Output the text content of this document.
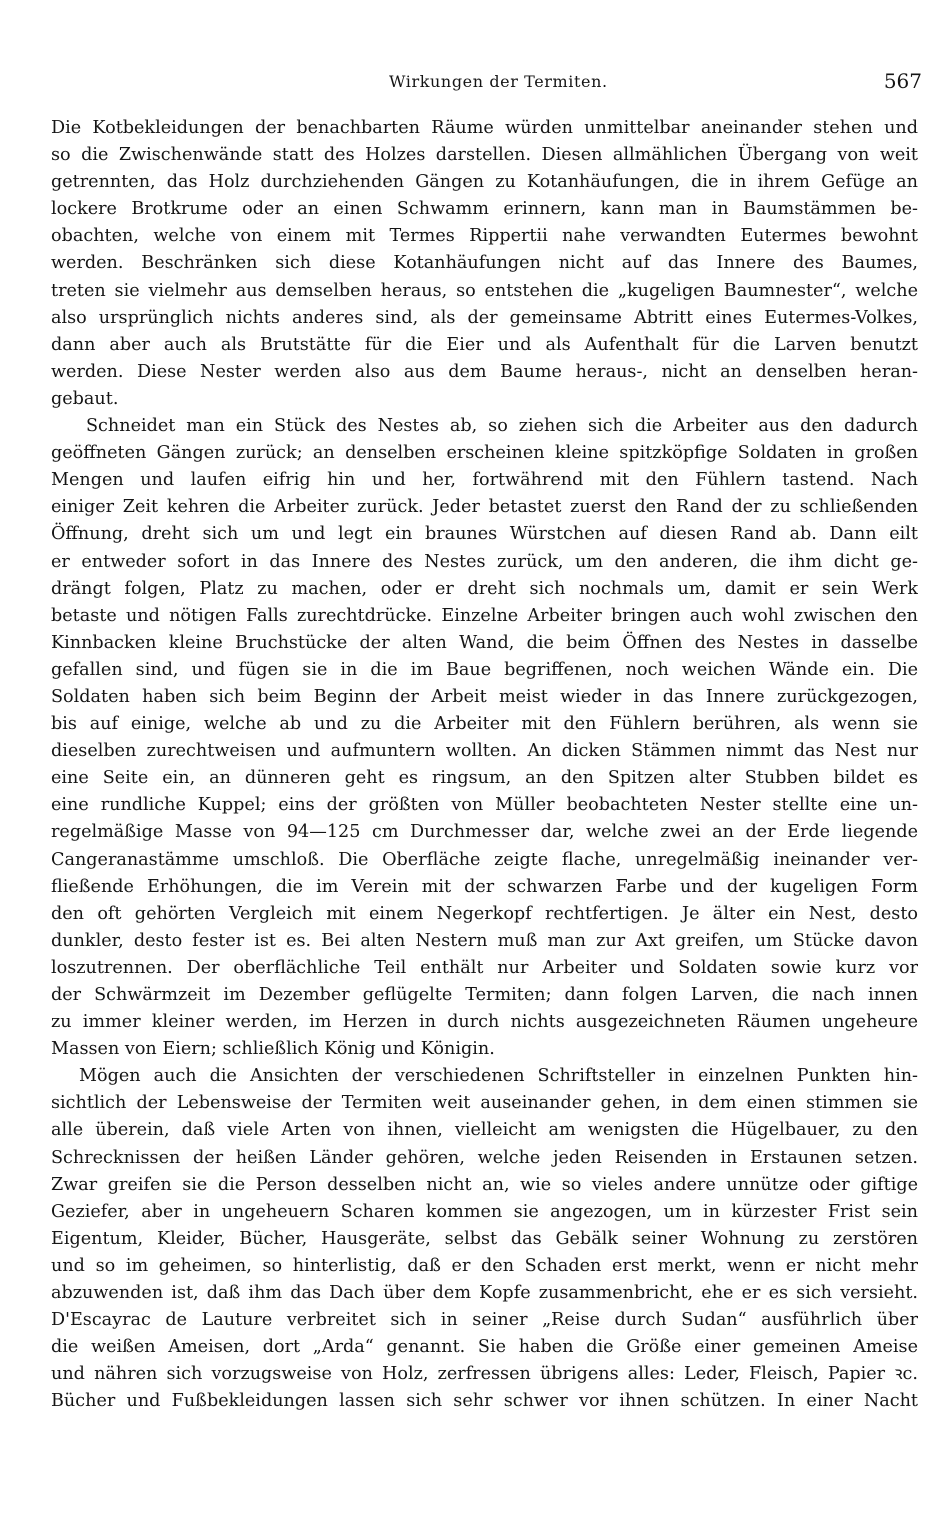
Wirkungen der Termiten.	567
Die Kotbekleidungen der benachbarten Räume würden unmittelbar aneinander stehen und
so die Zwischenwände statt des Holzes darstellen. Diesen allmählichen Übergang von weit
getrennten, das Holz durchziehenden Gängen zu Kotanhäufungen, die in ihrem Gefüge an
lockere Brotkrume oder an einen Schwamm erinnern, kann man in Baumstämmen be-
obachten, welche von einem mit Termes Rippertii nahe verwandten Eutermes bewohnt
werden. Beschränken sich diese Kotanhäufungen nicht auf das Innere des Baumes,
treten sie vielmehr aus demselben heraus, so entstehen die „kugeligen Baumnester“, welche
also ursprünglich nichts anderes sind, als der gemeinsame Abtritt eines Eutermes-Volkes,
dann aber auch als Brutstätte für die Eier und als Aufenthalt für die Larven benutzt
werden. Diese Nester werden also aus dem Baume heraus-, nicht an denselben heran-
gebaut.
Schneidet man ein Stück des Nestes ab, so ziehen sich die Arbeiter aus den dadurch
geöffneten Gängen zurück; an denselben erscheinen kleine spitzköpfige Soldaten in großen
Mengen und laufen eifrig hin und her, fortwährend mit den Fühlern tastend. Nach
einiger Zeit kehren die Arbeiter zurück. Jeder betastet zuerst den Rand der zu schließenden
Öffnung, dreht sich um und legt ein braunes Würstchen auf diesen Rand ab. Dann eilt
er entweder sofort in das Innere des Nestes zurück, um den anderen, die ihm dicht ge-
drängt folgen, Platz zu machen, oder er dreht sich nochmals um, damit er sein Werk
betaste und nötigen Falls zurechtdrücke. Einzelne Arbeiter bringen auch wohl zwischen den
Kinnbacken kleine Bruchstücke der alten Wand, die beim Öffnen des Nestes in dasselbe
gefallen sind, und fügen sie in die im Baue begriffenen, noch weichen Wände ein. Die
Soldaten haben sich beim Beginn der Arbeit meist wieder in das Innere zurückgezogen,
bis auf einige, welche ab und zu die Arbeiter mit den Fühlern berühren, als wenn sie
dieselben zurechtweisen und aufmuntern wollten. An dicken Stämmen nimmt das Nest nur
eine Seite ein, an dünneren geht es ringsum, an den Spitzen alter Stubben bildet es
eine rundliche Kuppel; eins der größten von Müller beobachteten Nester stellte eine un-
regelmäßige Masse von 94—125 cm Durchmesser dar, welche zwei an der Erde liegende
Cangeranastämme umschloß. Die Oberfläche zeigte flache, unregelmäßig ineinander ver-
fließende Erhöhungen, die im Verein mit der schwarzen Farbe und der kugeligen Form
den oft gehörten Vergleich mit einem Negerkopf rechtfertigen. Je älter ein Nest, desto
dunkler, desto fester ist es. Bei alten Nestern muß man zur Axt greifen, um Stücke davon
loszutrennen. Der oberflächliche Teil enthält nur Arbeiter und Soldaten sowie kurz vor
der Schwärmzeit im Dezember geflügelte Termiten; dann folgen Larven, die nach innen
zu immer kleiner werden, im Herzen in durch nichts ausgezeichneten Räumen ungeheure
Massen von Eiern; schließlich König und Königin.
Mögen auch die Ansichten der verschiedenen Schriftsteller in einzelnen Punkten hin-
sichtlich der Lebensweise der Termiten weit auseinander gehen, in dem einen stimmen sie
alle überein, daß viele Arten von ihnen, vielleicht am wenigsten die Hügelbauer, zu den
Schrecknissen der heißen Länder gehören, welche jeden Reisenden in Erstaunen setzen.
Zwar greifen sie die Person desselben nicht an, wie so vieles andere unnütze oder giftige
Geziefer, aber in ungeheuern Scharen kommen sie angezogen, um in kürzester Frist sein
Eigentum, Kleider, Bücher, Hausgeräte, selbst das Gebälk seiner Wohnung zu zerstören
und so im geheimen, so hinterlistig, daß er den Schaden erst merkt, wenn er nicht mehr
abzuwenden ist, daß ihm das Dach über dem Kopfe zusammenbricht, ehe er es sich versieht.
D'Escayrac de Lauture verbreitet sich in seiner „Reise durch Sudan“ ausführlich über
die weißen Ameisen, dort „Arda“ genannt. Sie haben die Größe einer gemeinen Ameise
und nähren sich vorzugsweise von Holz, zerfressen übrigens alles: Leder, Fleisch, Papier ꝛc.
Bücher und Fußbekleidungen lassen sich sehr schwer vor ihnen schützen. In einer Nacht
